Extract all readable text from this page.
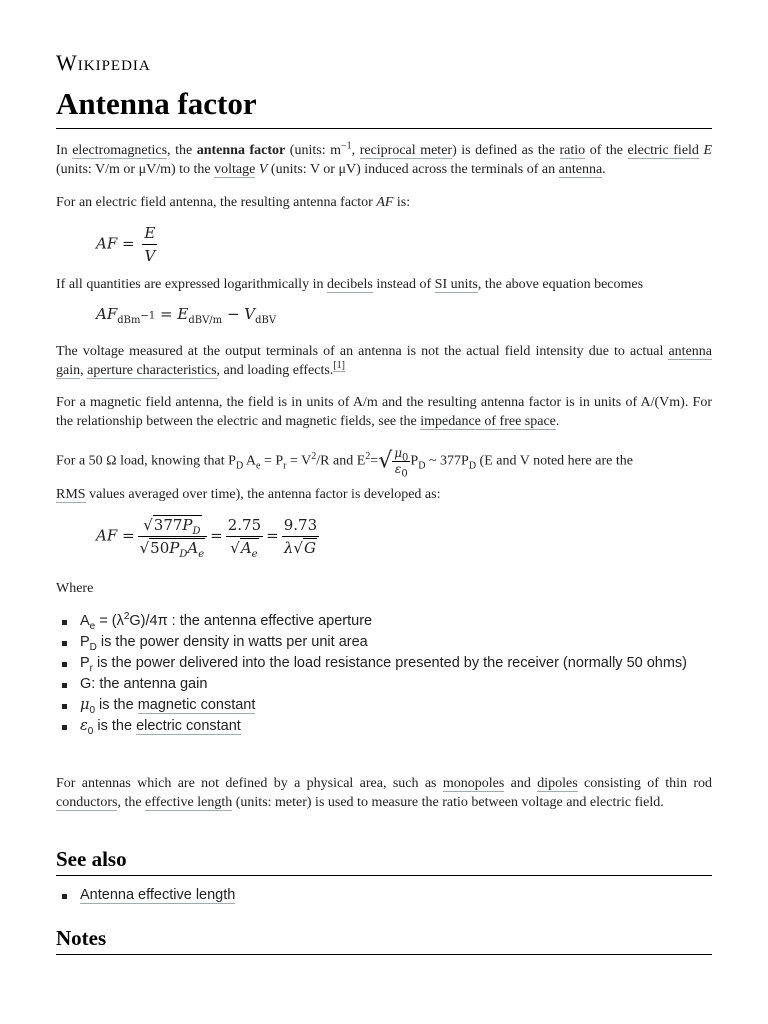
Wikipedia
Antenna factor

In electromagnetics, the antenna factor (units: $m^{-1}$, reciprocal meter) is defined as the ratio of the electric field E (units: V/m or μV/m) to the voltage V (units: V or μV) induced across the terminals of an antenna.

For an electric field antenna, the resulting antenna factor AF is:

AF = $\frac{E}{V}$

If all quantities are expressed logarithmically in decibels instead of SI units, the above equation becomes

$AF_{dBm^{-1}} = E_{dBV/m} - V_{dBV}$

The voltage measured at the output terminals of an antenna is not the actual field intensity due to actual antenna gain, aperture characteristics, and loading effects.[1]

For a magnetic field antenna, the field is in units of A/m and the resulting antenna factor is in units of A/(Vm). For the relationship between the electric and magnetic fields, see the impedance of free space.

For a 50 Ω load, knowing that $P_D$ $A_e = P_r = V^2/R$ and $E^2=√ \frac{\mu_0}{\varepsilon_0} P_D$ ~ $377P_D$ (E and V noted here are the

RMS values averaged over time), the antenna factor is developed as:

AF = $\frac{√377P_D}{√50P_DA_e} = \frac{2.75}{√A_e} = \frac{9.73}{\lambda√G}$

Where

$A_e = (\lambda^2G)/4\pi$ : the antenna effective aperture
$P_D$ is the power density in watts per unit area
$P_r$ is the power delivered into the load resistance presented by the receiver (normally 50 ohms)
G: the antenna gain
$\mu_0$ is the magnetic constant
$\varepsilon_0$ is the electric constant

For antennas which are not defined by a physical area, such as monopoles and dipoles consisting of thin rod conductors, the effective length (units: meter) is used to measure the ratio between voltage and electric field.

See also
Antenna effective length
Notes
